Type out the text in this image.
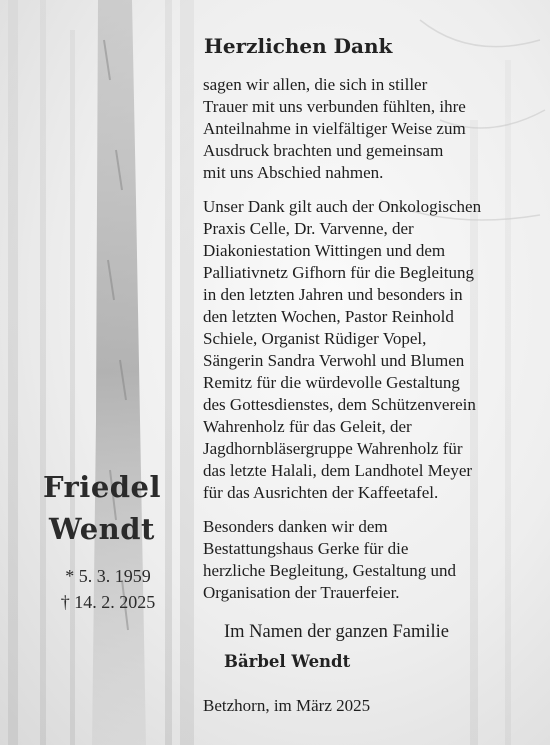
Friedel
Wendt
* 5. 3. 1959
† 14. 2. 2025
Herzlichen Dank
sagen wir allen, die sich in stiller
Trauer mit uns verbunden fühlten, ihre
Anteilnahme in vielfältiger Weise zum
Ausdruck brachten und gemeinsam
mit uns Abschied nahmen.
Unser Dank gilt auch der Onkologischen
Praxis Celle, Dr. Varvenne, der
Diakoniestation Wittingen und dem
Palliativnetz Gifhorn für die Begleitung
in den letzten Jahren und besonders in
den letzten Wochen, Pastor Reinhold
Schiele, Organist Rüdiger Vopel,
Sängerin Sandra Verwohl und Blumen
Remitz für die würdevolle Gestaltung
des Gottesdienstes, dem Schützenverein
Wahrenholz für das Geleit, der
Jagdhornbläsergruppe Wahrenholz für
das letzte Halali, dem Landhotel Meyer
für das Ausrichten der Kaffeetafel.
Besonders danken wir dem
Bestattungshaus Gerke für die
herzliche Begleitung, Gestaltung und
Organisation der Trauerfeier.
Im Namen der ganzen Familie
Bärbel Wendt
Betzhorn, im März 2025
